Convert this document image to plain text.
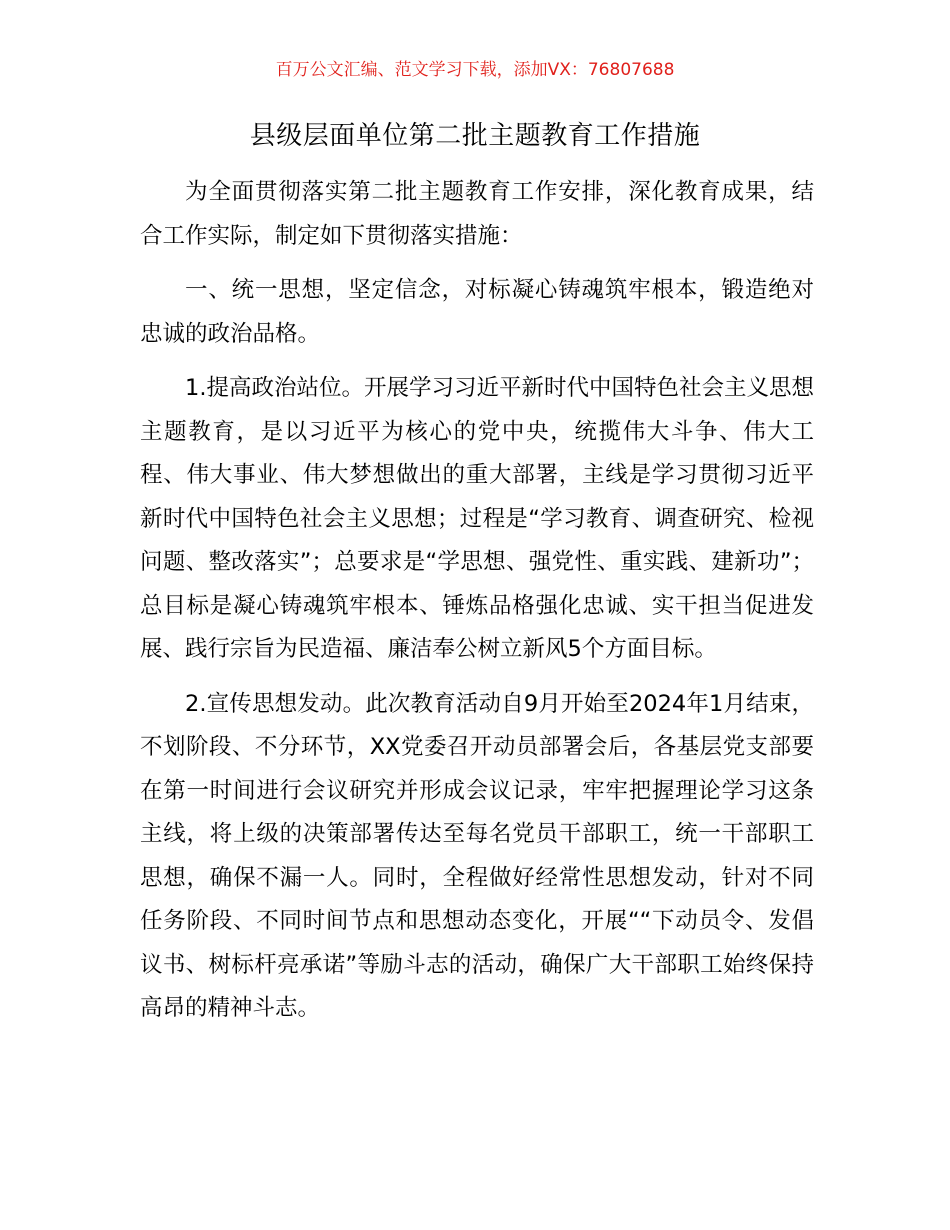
百万公文汇编、范文学习下载，添加VX：76807688
县级层面单位第二批主题教育工作措施

为全面贯彻落实第二批主题教育工作安排，深化教育成果，结合工作实际，制定如下贯彻落实措施：

一、统一思想，坚定信念，对标凝心铸魂筑牢根本，锻造绝对忠诚的政治品格。

1.提高政治站位。开展学习习近平新时代中国特色社会主义思想主题教育，是以习近平为核心的党中央，统揽伟大斗争、伟大工程、伟大事业、伟大梦想做出的重大部署，主线是学习贯彻习近平新时代中国特色社会主义思想；过程是“学习教育、调查研究、检视问题、整改落实”；总要求是“学思想、强党性、重实践、建新功”；总目标是凝心铸魂筑牢根本、锤炼品格强化忠诚、实干担当促进发展、践行宗旨为民造福、廉洁奉公树立新风5个方面目标。

2.宣传思想发动。此次教育活动自9月开始至2024年1月结束，不划阶段、不分环节，XX党委召开动员部署会后，各基层党支部要在第一时间进行会议研究并形成会议记录，牢牢把握理论学习这条主线，将上级的决策部署传达至每名党员干部职工，统一干部职工思想，确保不漏一人。同时，全程做好经常性思想发动，针对不同任务阶段、不同时间节点和思想动态变化，开展““下动员令、发倡议书、树标杆亮承诺”等励斗志的活动，确保广大干部职工始终保持高昂的精神斗志。
